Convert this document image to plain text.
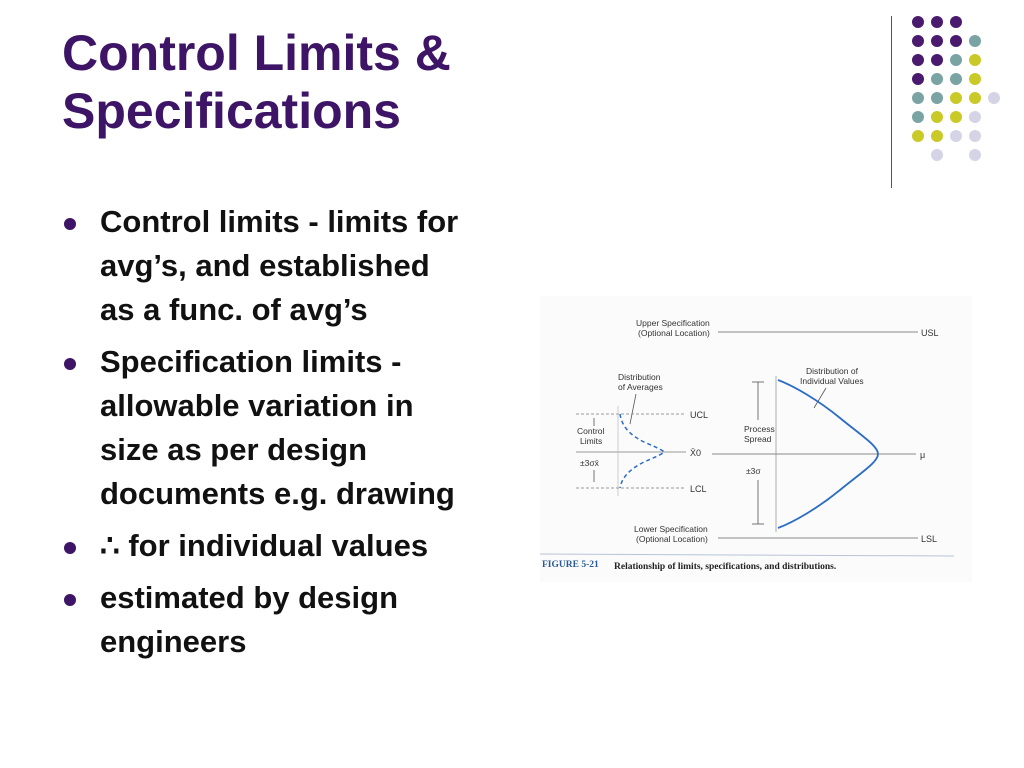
Control Limits &
Specifications
Control limits - limits for
avg’s, and established
as a func. of avg’s
Specification limits -
allowable variation in
size as per design
documents e.g. drawing
∴ for individual values
estimated by design
engineers
Upper Specification
(Optional Location)	USL
Distribution
of Averages
Distribution of
Individual Values
UCL
Control
Limits
±3σx̄
X̄0
LCL
Process
Spread
±3σ
μ
Lower Specification
(Optional Location)	LSL
FIGURE 5-21 Relationship of limits, specifications, and distributions.
